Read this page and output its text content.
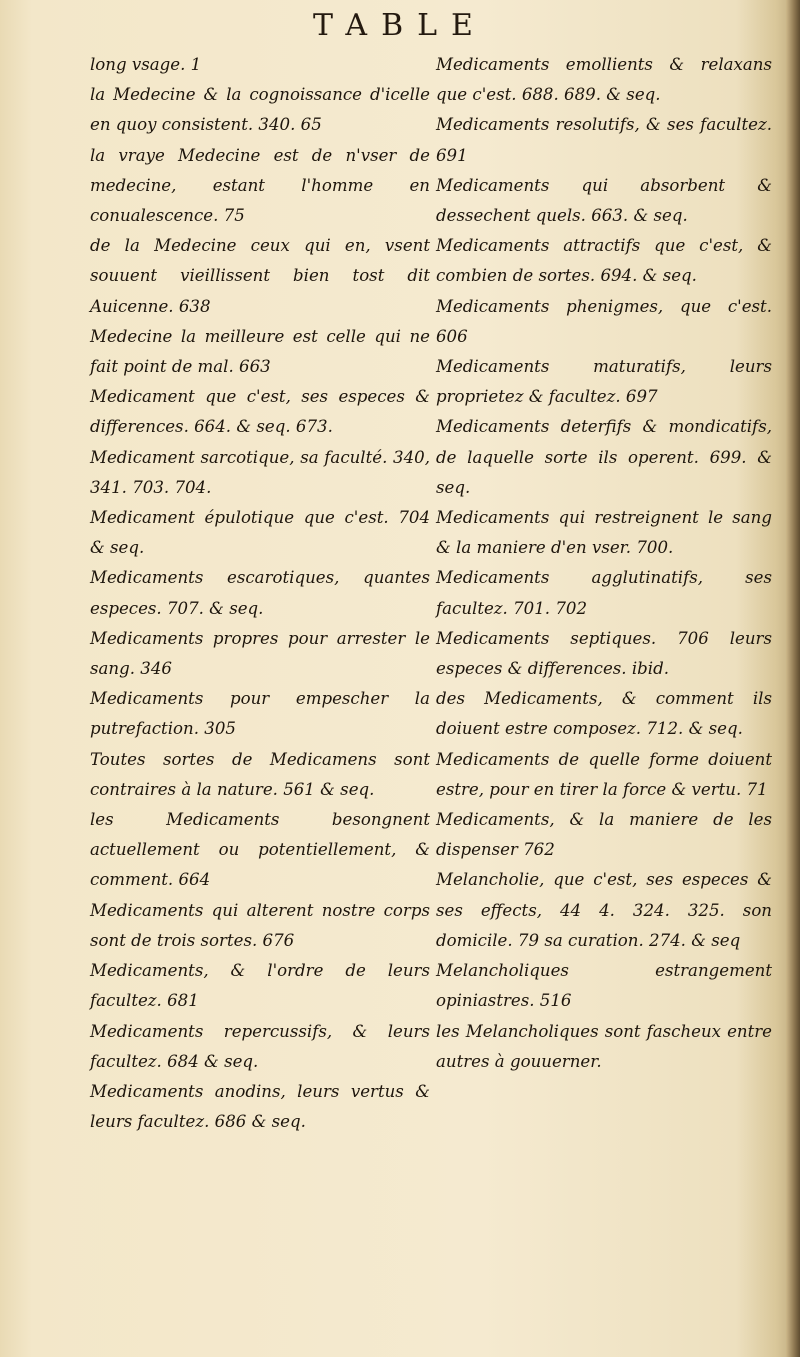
TABLE

long vsage. 1

la Medecine & la cognoissance d'icelle en quoy consistent. 340. 65

la vraye Medecine est de n'vser de medecine, estant l'homme en conualescence. 75

de la Medecine ceux qui en, vsent souuent vieillissent bien tost dit Auicenne. 638

Medecine la meilleure est celle qui ne fait point de mal. 663

Medicament que c'est, ses especes & differences. 664. & seq. 673.

Medicament sarcotique, sa faculté. 340, 341. 703. 704.

Medicament épulotique que c'est. 704 & seq.

Medicaments escarotiques, quantes especes. 707. & seq.

Medicaments propres pour arrester le sang. 346

Medicaments pour empescher la putrefaction. 305

Toutes sortes de Medicamens sont contraires à la nature. 561 & seq.

les Medicaments besongnent actuellement ou potentiellement, & comment. 664

Medicaments qui alterent nostre corps sont de trois sortes. 676

Medicaments, & l'ordre de leurs facultez. 681

Medicaments repercussifs, & leurs facultez. 684 & seq.

Medicaments anodins, leurs vertus & leurs facultez. 686 & seq.

Medicaments emollients & relaxans que c'est. 688. 689. & seq.

Medicaments resolutifs, & ses facultez. 691

Medicaments qui absorbent & dessechent quels. 663. & seq.

Medicaments attractifs que c'est, & combien de sortes. 694. & seq.

Medicaments phenigmes, que c'est. 606

Medicaments maturatifs, leurs proprietez & facultez. 697

Medicaments deterfifs & mondicatifs, de laquelle sorte ils operent. 699. & seq.

Medicaments qui restreignent le sang & la maniere d'en vser. 700.

Medicaments agglutinatifs, ses facultez. 701. 702

Medicaments septiques. 706 leurs especes & differences. ibid.

des Medicaments, & comment ils doiuent estre composez. 712. & seq.

Medicaments de quelle forme doiuent estre, pour en tirer la force & vertu. 71

Medicaments, & la maniere de les dispenser 762

Melancholie, que c'est, ses especes & ses effects, 44 4. 324. 325. son domicile. 79 sa curation. 274. & seq

Melancholiques estrangement opiniastres. 516

les Melancholiques sont fascheux entre autres à gouuerner.
